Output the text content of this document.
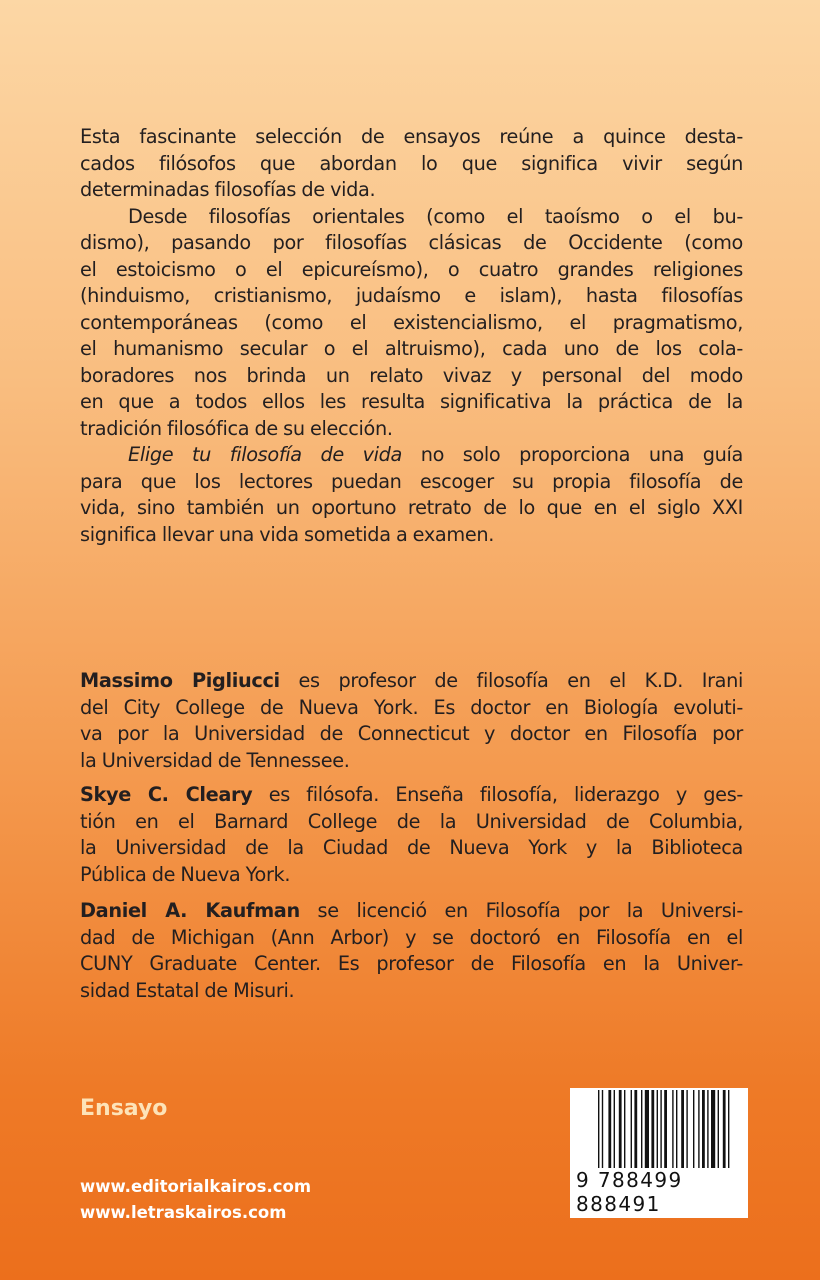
Esta fascinante selección de ensayos reúne a quince desta-
cados filósofos que abordan lo que significa vivir según
determinadas filosofías de vida.
Desde filosofías orientales (como el taoísmo o el bu-
dismo), pasando por filosofías clásicas de Occidente (como
el estoicismo o el epicureísmo), o cuatro grandes religiones
(hinduismo, cristianismo, judaísmo e islam), hasta filosofías
contemporáneas (como el existencialismo, el pragmatismo,
el humanismo secular o el altruismo), cada uno de los cola-
boradores nos brinda un relato vivaz y personal del modo
en que a todos ellos les resulta significativa la práctica de la
tradición filosófica de su elección.
Elige tu filosofía de vida no solo proporciona una guía
para que los lectores puedan escoger su propia filosofía de
vida, sino también un oportuno retrato de lo que en el siglo XXI
significa llevar una vida sometida a examen.
Massimo Pigliucci es profesor de filosofía en el K.D. Irani
del City College de Nueva York. Es doctor en Biología evoluti-
va por la Universidad de Connecticut y doctor en Filosofía por
la Universidad de Tennessee.
Skye C. Cleary es filósofa. Enseña filosofía, liderazgo y ges-
tión en el Barnard College de la Universidad de Columbia,
la Universidad de la Ciudad de Nueva York y la Biblioteca
Pública de Nueva York.
Daniel A. Kaufman se licenció en Filosofía por la Universi-
dad de Michigan (Ann Arbor) y se doctoró en Filosofía en el
CUNY Graduate Center. Es profesor de Filosofía en la Univer-
sidad Estatal de Misuri.
Ensayo
www.editorialkairos.com
www.letraskairos.com
9 788499 888491
